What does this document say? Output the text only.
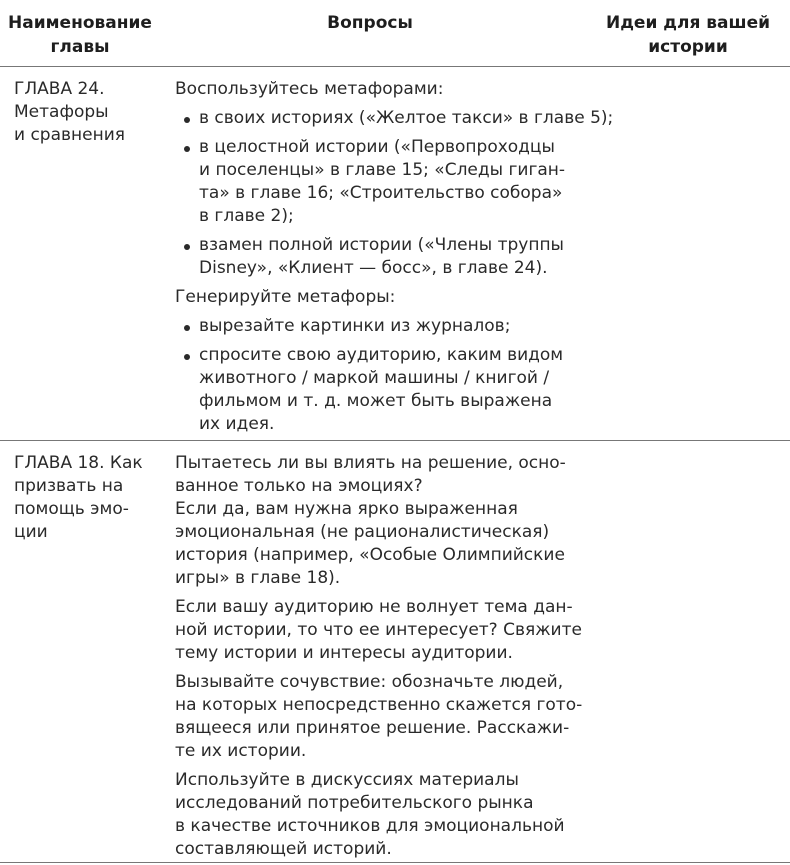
Наименование
главы
Вопросы	Идеи для вашей
истории
ГЛАВА 24.
Метафоры
и сравнения
Воспользуйтесь метафорами:
в своих историях («Желтое такси» в главе 5);
в целостной истории («Первопроходцы
и поселенцы» в главе 15; «Следы гиган-
та» в главе 16; «Строительство собора»
в главе 2);
взамен полной истории («Члены труппы
Disney», «Клиент — босс», в главе 24).
Генерируйте метафоры:
вырезайте картинки из журналов;
спросите свою аудиторию, каким видом
животного / маркой машины / книгой /
фильмом и т. д. может быть выражена
их идея.
ГЛАВА 18. Как
призвать на
помощь эмо-
ции
Пытаетесь ли вы влиять на решение, осно-
ванное только на эмоциях?
Если да, вам нужна ярко выраженная
эмоциональная (не рационалистическая)
история (например, «Особые Олимпийские
игры» в главе 18).
Если вашу аудиторию не волнует тема дан-
ной истории, то что ее интересует? Свяжите
тему истории и интересы аудитории.
Вызывайте сочувствие: обозначьте людей,
на которых непосредственно скажется гото-
вящееся или принятое решение. Расскажи-
те их истории.
Используйте в дискуссиях материалы
исследований потребительского рынка
в качестве источников для эмоциональной
составляющей историй.
